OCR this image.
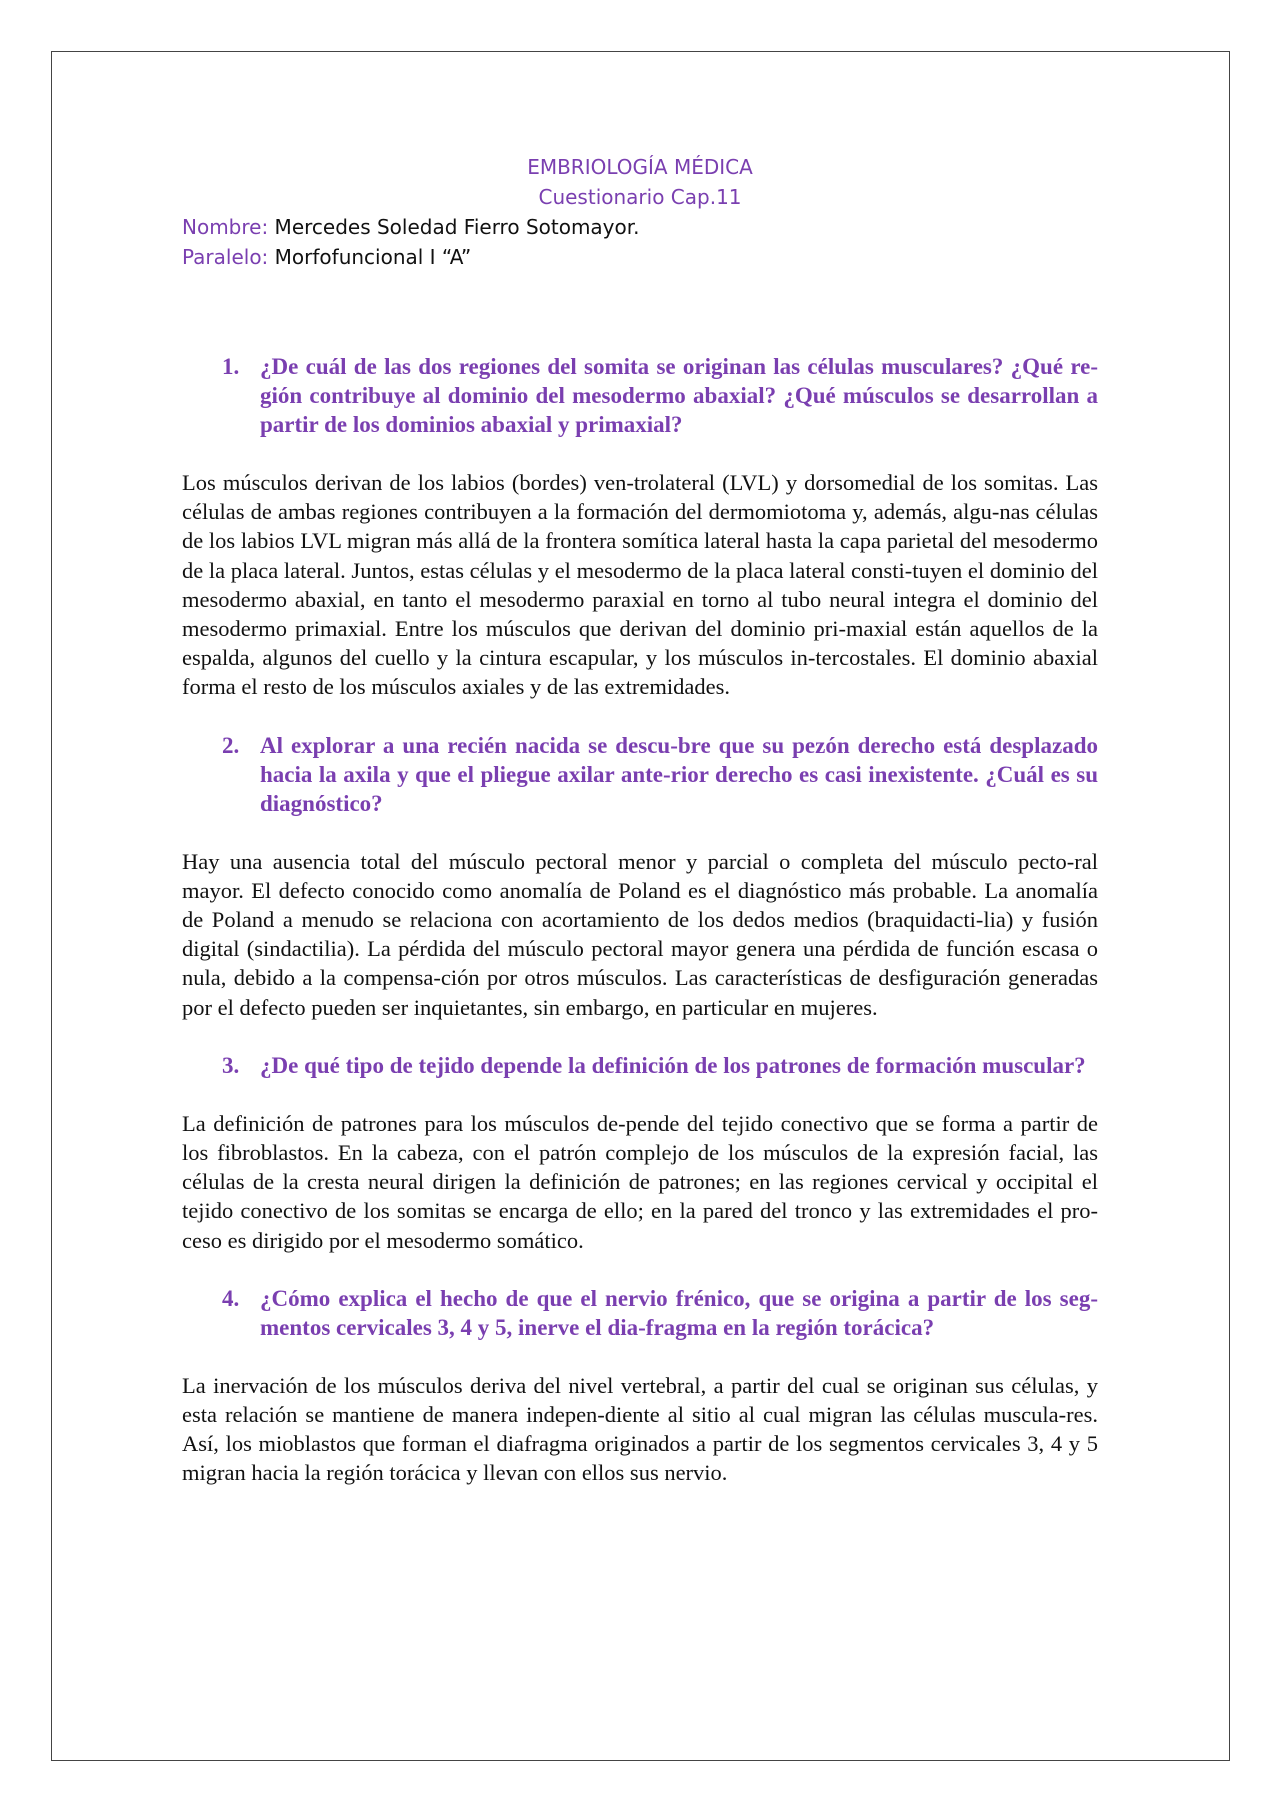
EMBRIOLOGÍA MÉDICA
Cuestionario Cap.11
Nombre: Mercedes Soledad Fierro Sotomayor.
Paralelo: Morfofuncional I “A”
1. ¿De cuál de las dos regiones del somita se originan las células musculares? ¿Qué re-gión contribuye al dominio del mesodermo abaxial? ¿Qué músculos se desarrollan a partir de los dominios abaxial y primaxial?

Los músculos derivan de los labios (bordes) ven-trolateral (LVL) y dorsomedial de los somitas. Las células de ambas regiones contribuyen a la formación del dermomiotoma y, además, algu-nas células de los labios LVL migran más allá de la frontera somítica lateral hasta la capa parietal del mesodermo de la placa lateral. Juntos, estas células y el mesodermo de la placa lateral consti-tuyen el dominio del mesodermo abaxial, en tanto el mesodermo paraxial en torno al tubo neural integra el dominio del mesodermo primaxial. Entre los músculos que derivan del dominio pri-maxial están aquellos de la espalda, algunos del cuello y la cintura escapular, y los músculos in-tercostales. El dominio abaxial forma el resto de los músculos axiales y de las extremidades.

2. Al explorar a una recién nacida se descu-bre que su pezón derecho está desplazado hacia la axila y que el pliegue axilar ante-rior derecho es casi inexistente. ¿Cuál es su diagnóstico?

Hay una ausencia total del músculo pectoral menor y parcial o completa del músculo pecto-ral mayor. El defecto conocido como anomalía de Poland es el diagnóstico más probable. La anomalía de Poland a menudo se relaciona con acortamiento de los dedos medios (braquidacti-lia) y fusión digital (sindactilia). La pérdida del músculo pectoral mayor genera una pérdida de función escasa o nula, debido a la compensa-ción por otros músculos. Las características de desfiguración generadas por el defecto pueden ser inquietantes, sin embargo, en particular en mujeres.

3. ¿De qué tipo de tejido depende la definición de los patrones de formación muscular?

La definición de patrones para los músculos de-pende del tejido conectivo que se forma a partir de los fibroblastos. En la cabeza, con el patrón complejo de los músculos de la expresión facial, las células de la cresta neural dirigen la definición de patrones; en las regiones cervical y occipital el tejido conectivo de los somitas se encarga de ello; en la pared del tronco y las extremidades el pro-ceso es dirigido por el mesodermo somático.

4. ¿Cómo explica el hecho de que el nervio frénico, que se origina a partir de los seg-mentos cervicales 3, 4 y 5, inerve el dia-fragma en la región torácica?

La inervación de los músculos deriva del nivel vertebral, a partir del cual se originan sus células, y esta relación se mantiene de manera indepen-diente al sitio al cual migran las células muscula-res. Así, los mioblastos que forman el diafragma originados a partir de los segmentos cervicales 3, 4 y 5 migran hacia la región torácica y llevan con ellos sus nervio.
